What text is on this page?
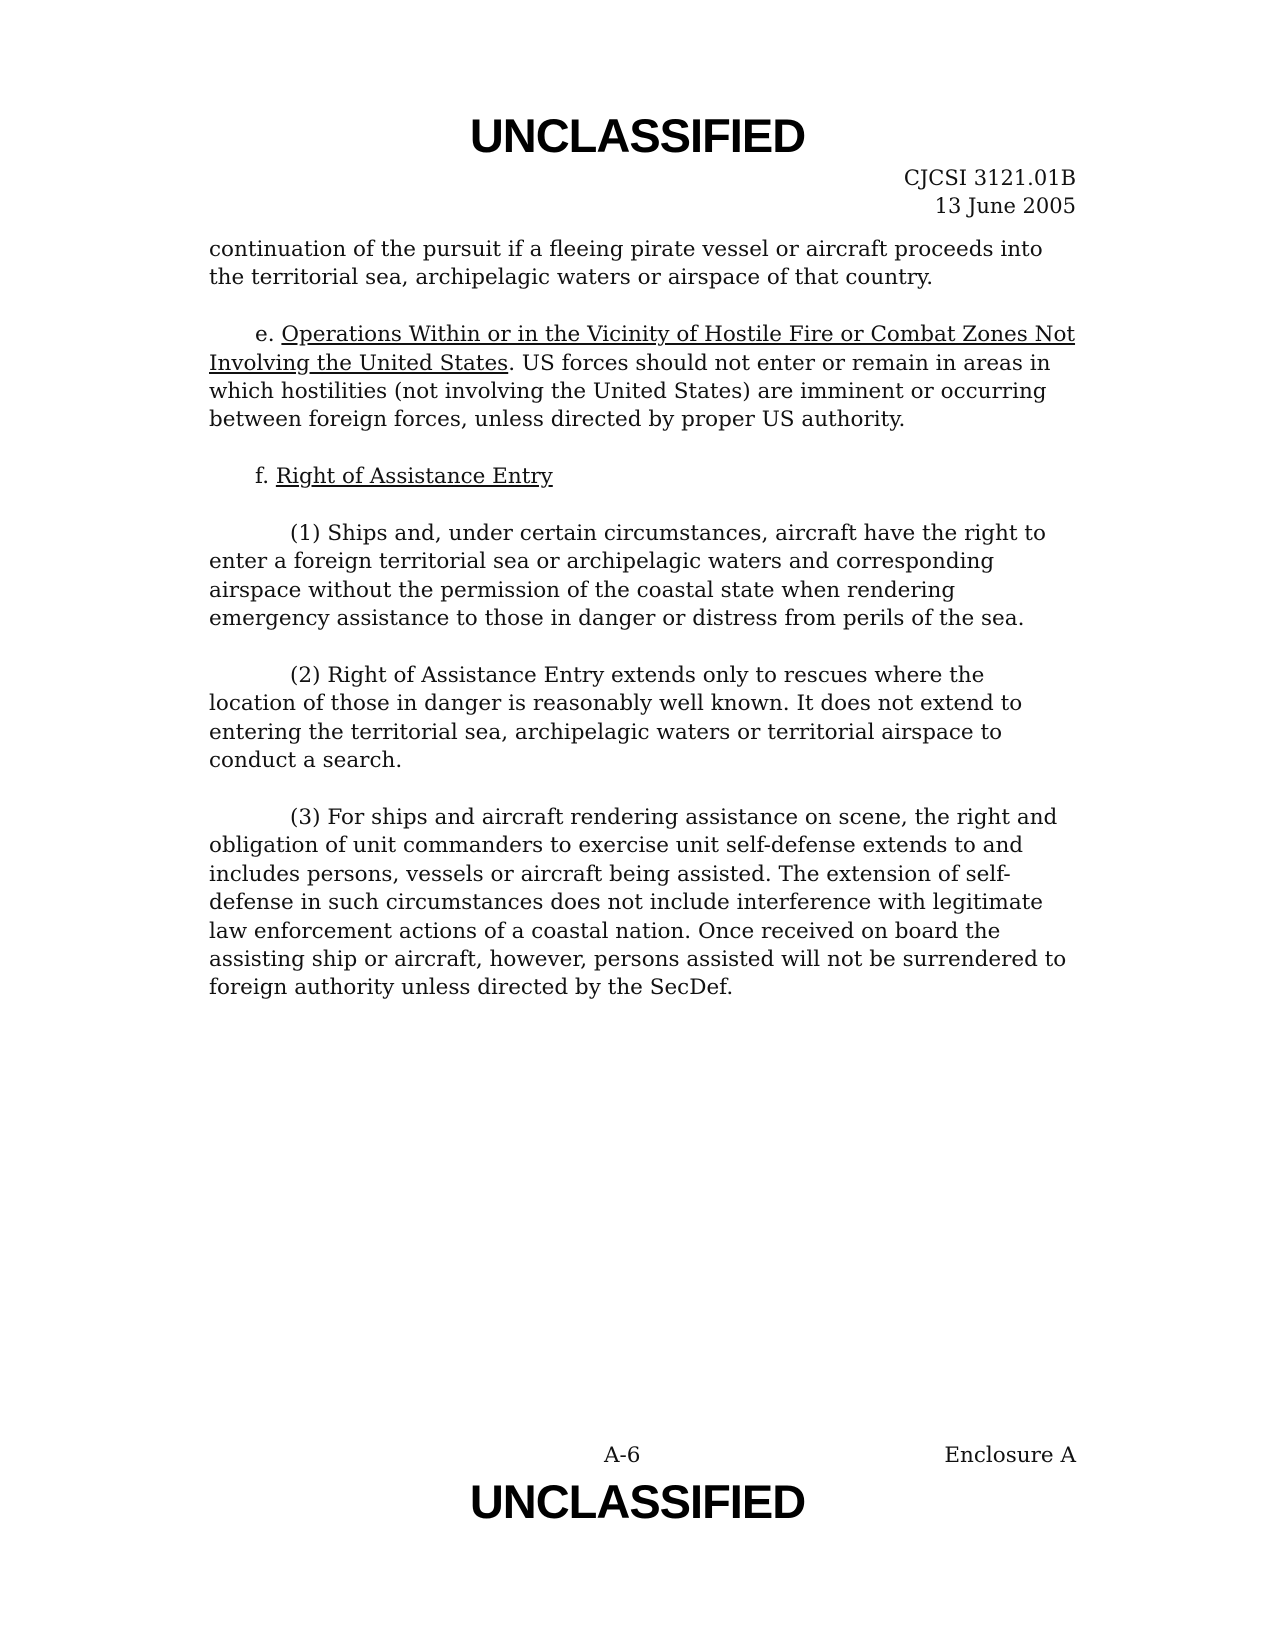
UNCLASSIFIED
CJCSI 3121.01B
13 June 2005

continuation of the pursuit if a fleeing pirate vessel or aircraft proceeds into the territorial sea, archipelagic waters or airspace of that country.

e. Operations Within or in the Vicinity of Hostile Fire or Combat Zones Not Involving the United States. US forces should not enter or remain in areas in which hostilities (not involving the United States) are imminent or occurring between foreign forces, unless directed by proper US authority.

f. Right of Assistance Entry

(1) Ships and, under certain circumstances, aircraft have the right to enter a foreign territorial sea or archipelagic waters and corresponding airspace without the permission of the coastal state when rendering emergency assistance to those in danger or distress from perils of the sea.

(2) Right of Assistance Entry extends only to rescues where the location of those in danger is reasonably well known. It does not extend to entering the territorial sea, archipelagic waters or territorial airspace to conduct a search.

(3) For ships and aircraft rendering assistance on scene, the right and obligation of unit commanders to exercise unit self-defense extends to and includes persons, vessels or aircraft being assisted. The extension of self-defense in such circumstances does not include interference with legitimate law enforcement actions of a coastal nation. Once received on board the assisting ship or aircraft, however, persons assisted will not be surrendered to foreign authority unless directed by the SecDef.

A-6	Enclosure A
UNCLASSIFIED
